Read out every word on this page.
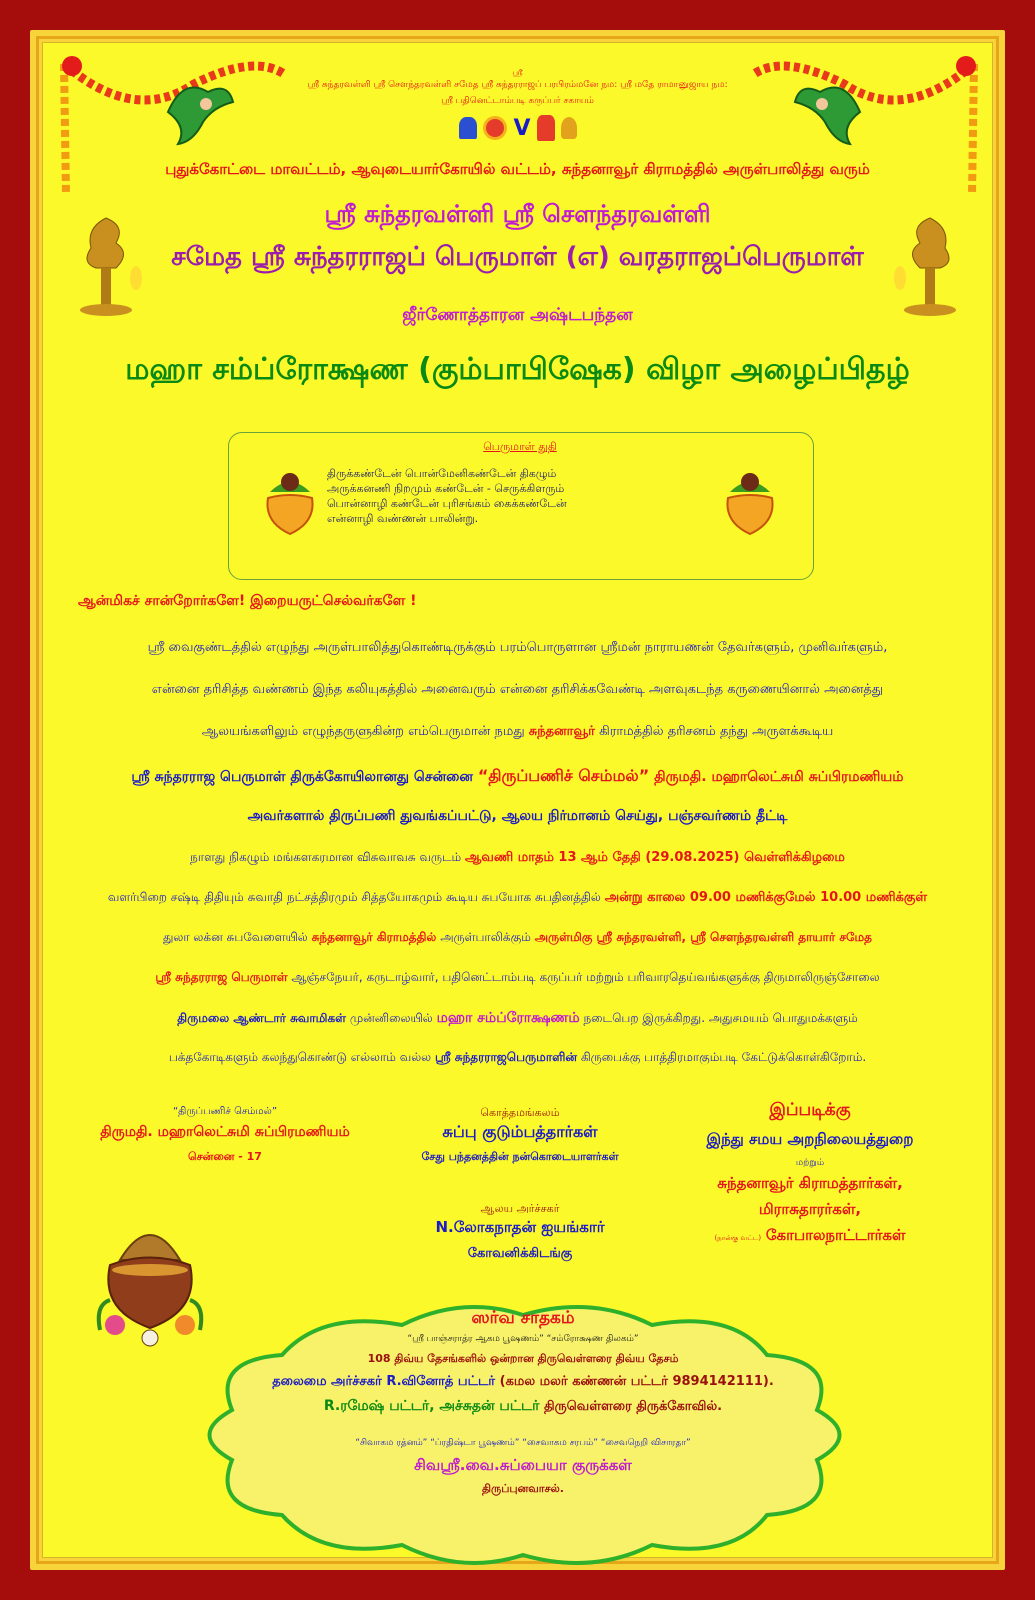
ஸ்ரீ
ஸ்ரீ சுந்தரவள்ளி ஸ்ரீ சௌந்தரவள்ளி சமேத ஸ்ரீ சுந்தரராஜப் பரபிரம்மனே நம: ஸ்ரீ மதே ராமானுஜாய நம:
ஸ்ரீ பதினெட்டாம்படி கருப்பர் சகாயம்
V
புதுக்கோட்டை மாவட்டம், ஆவுடையார்கோயில் வட்டம், சுந்தனாவூர் கிராமத்தில் அருள்பாலித்து வரும்
ஸ்ரீ சுந்தரவள்ளி ஸ்ரீ சௌந்தரவள்ளி
சமேத ஸ்ரீ சுந்தரராஜப் பெருமாள் (எ) வரதராஜப்பெருமாள்
ஜீர்ணோத்தாரன அஷ்டபந்தன
மஹா சம்ப்ரோக்ஷண (கும்பாபிஷேக) விழா அழைப்பிதழ்
பெருமாள் துதி
திருக்கண்டேன் பொன்மேனிகண்டேன் திகழும்
அருக்கனணி நிறமும் கண்டேன் - செருக்கிளரும்
பொன்னாழி கண்டேன் புரிசங்கம் கைக்கண்டேன்
என்னாழி வண்ணன் பாலின்று.
ஆன்மிகச் சான்றோர்களே! இறையருட்செல்வர்களே !
ஸ்ரீ வைகுண்டத்தில் எழுந்து அருள்பாலித்துகொண்டிருக்கும் பரம்பொருளான ஸ்ரீமன் நாராயணன் தேவர்களும், முனிவர்களும்,
என்னை தரிசித்த வண்ணம் இந்த கலியுகத்தில் அனைவரும் என்னை தரிசிக்கவேண்டி அளவுகடந்த கருணையினால் அனைத்து
ஆலயங்களிலும் எழுந்தருளுகின்ற எம்பெருமான் நமது சுந்தனாவூர் கிராமத்தில் தரிசனம் தந்து அருளக்கூடிய
ஸ்ரீ சுந்தரராஜ பெருமாள் திருக்கோயிலானது சென்னை “திருப்பணிச் செம்மல்” திருமதி. மஹாலெட்சுமி சுப்பிரமணியம்
அவர்களால் திருப்பணி துவங்கப்பட்டு, ஆலய நிர்மானம் செய்து, பஞ்சவர்ணம் தீட்டி
நாளது நிகழும் மங்களகரமான விசுவாவசு வருடம் ஆவணி மாதம் 13 ஆம் தேதி (29.08.2025) வெள்ளிக்கிழமை
வளர்பிறை சஷ்டி திதியும் சுவாதி நட்சத்திரமும் சித்தயோகமும் கூடிய சுபயோக சுபதினத்தில் அன்று காலை 09.00 மணிக்குமேல் 10.00 மணிக்குள்
துலா லக்ன சுபவேளையில் சுந்தனாவூர் கிராமத்தில் அருள்பாலிக்கும் அருள்மிகு ஸ்ரீ சுந்தரவள்ளி, ஸ்ரீ சௌந்தரவள்ளி தாயார் சமேத
ஸ்ரீ சுந்தரராஜ பெருமாள் ஆஞ்சநேயர், கருடாழ்வார், பதினெட்டாம்படி கருப்பர் மற்றும் பரிவாரதெய்வங்களுக்கு திருமாலிருஞ்சோலை
திருமலை ஆண்டார் சுவாமிகள் முன்னிலையில் மஹா சம்ப்ரோக்ஷணம் நடைபெற இருக்கிறது. அதுசமயம் பொதுமக்களும்
பக்தகோடிகளும் கலந்துகொண்டு எல்லாம் வல்ல ஸ்ரீ சுந்தரராஜபெருமாளின் கிருபைக்கு பாத்திரமாகும்படி கேட்டுக்கொள்கிறோம்.
“திருப்பணிச் செம்மல்”
திருமதி. மஹாலெட்சுமி சுப்பிரமணியம்
சென்னை - 17
கொத்தமங்கலம்
சுப்பு குடும்பத்தார்கள்
சேது பந்தனத்தின் நன்கொடையாளர்கள்
ஆலய அர்ச்சகர்
N.லோகநாதன் ஐயங்கார்
கோவனிக்கிடங்கு
இப்படிக்கு
இந்து சமய அறநிலையத்துறை
மற்றும்
சுந்தனாவூர் கிராமத்தார்கள்,
மிராசுதாரர்கள்,
(நான்கு வட்ட) கோபாலநாட்டார்கள்
ஸர்வ சாதகம்
“ஸ்ரீ பாஞ்சராத்ர ஆகம பூஷணம்” “சம்ரோக்ஷண திலகம்”
108 திவ்ய தேசங்களில் ஒன்றான திருவெள்ளரை திவ்ய தேசம்
தலைமை அர்ச்சகர் R.வினோத் பட்டர் (கமல மலர் கண்ணன் பட்டர் 9894142111).
R.ரமேஷ் பட்டர், அச்சுதன் பட்டர் திருவெள்ளரை திருக்கோவில்.
“சிவாகம ரத்னம்” “ப்ரதிஷ்டா பூஷணம்” “சைவாகம சரபம்” “சைவநெறி விசாரதா”
சிவஸ்ரீ.வை.சுப்பையா குருக்கள்
திருப்புனவாசல்.
